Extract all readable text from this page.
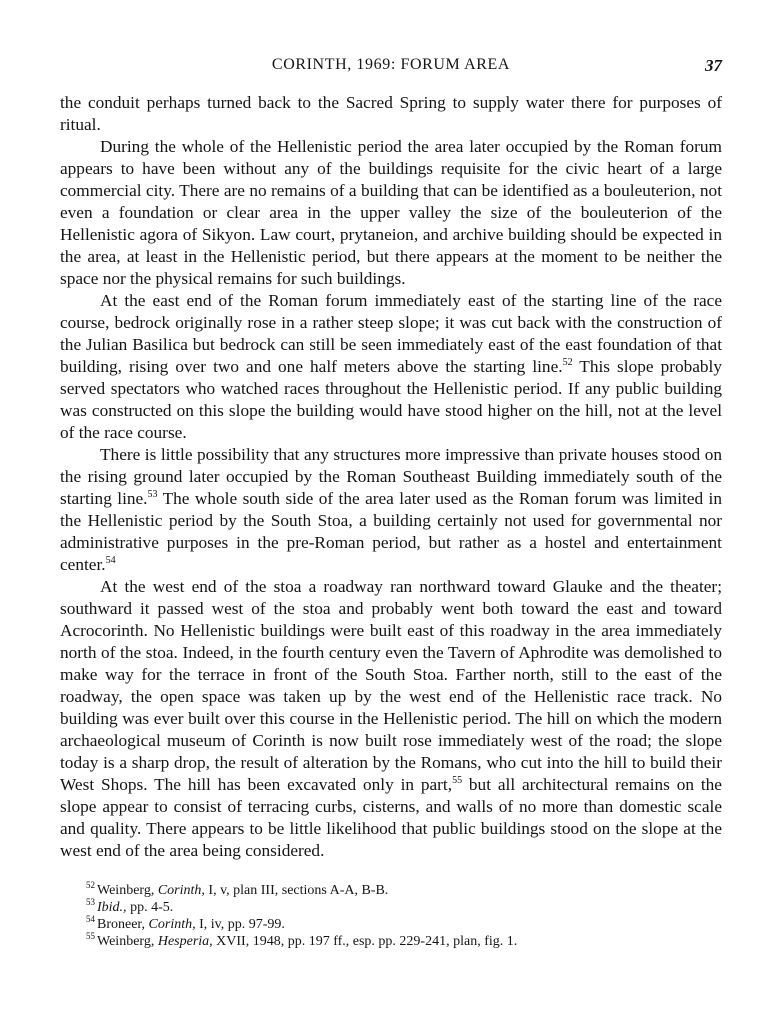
CORINTH, 1969: FORUM AREA	37

the conduit perhaps turned back to the Sacred Spring to supply water there for purposes of ritual.

During the whole of the Hellenistic period the area later occupied by the Roman forum appears to have been without any of the buildings requisite for the civic heart of a large commercial city. There are no remains of a building that can be identified as a bouleuterion, not even a foundation or clear area in the upper valley the size of the bouleuterion of the Hellenistic agora of Sikyon. Law court, prytaneion, and archive building should be expected in the area, at least in the Hellenistic period, but there appears at the moment to be neither the space nor the physical remains for such buildings.

At the east end of the Roman forum immediately east of the starting line of the race course, bedrock originally rose in a rather steep slope; it was cut back with the construction of the Julian Basilica but bedrock can still be seen immediately east of the east foundation of that building, rising over two and one half meters above the starting line.$^{52}$ This slope probably served spectators who watched races throughout the Hellenistic period. If any public building was constructed on this slope the building would have stood higher on the hill, not at the level of the race course.

There is little possibility that any structures more impressive than private houses stood on the rising ground later occupied by the Roman Southeast Building immediately south of the starting line.$^{53}$ The whole south side of the area later used as the Roman forum was limited in the Hellenistic period by the South Stoa, a building certainly not used for governmental nor administrative purposes in the pre-Roman period, but rather as a hostel and entertainment center.$^{54}$

At the west end of the stoa a roadway ran northward toward Glauke and the theater; southward it passed west of the stoa and probably went both toward the east and toward Acrocorinth. No Hellenistic buildings were built east of this roadway in the area immediately north of the stoa. Indeed, in the fourth century even the Tavern of Aphrodite was demolished to make way for the terrace in front of the South Stoa. Farther north, still to the east of the roadway, the open space was taken up by the west end of the Hellenistic race track. No building was ever built over this course in the Hellenistic period. The hill on which the modern archaeological museum of Corinth is now built rose immediately west of the road; the slope today is a sharp drop, the result of alteration by the Romans, who cut into the hill to build their West Shops. The hill has been excavated only in part,$^{55}$ but all architectural remains on the slope appear to consist of terracing curbs, cisterns, and walls of no more than domestic scale and quality. There appears to be little likelihood that public buildings stood on the slope at the west end of the area being considered.

$^{52}$ Weinberg, Corinth, I, v, plan III, sections A-A, B-B.

$^{53}$ Ibid., pp. 4-5.

$^{54}$ Broneer, Corinth, I, iv, pp. 97-99.

$^{55}$ Weinberg, Hesperia, XVII, 1948, pp. 197 ff., esp. pp. 229-241, plan, fig. 1.
